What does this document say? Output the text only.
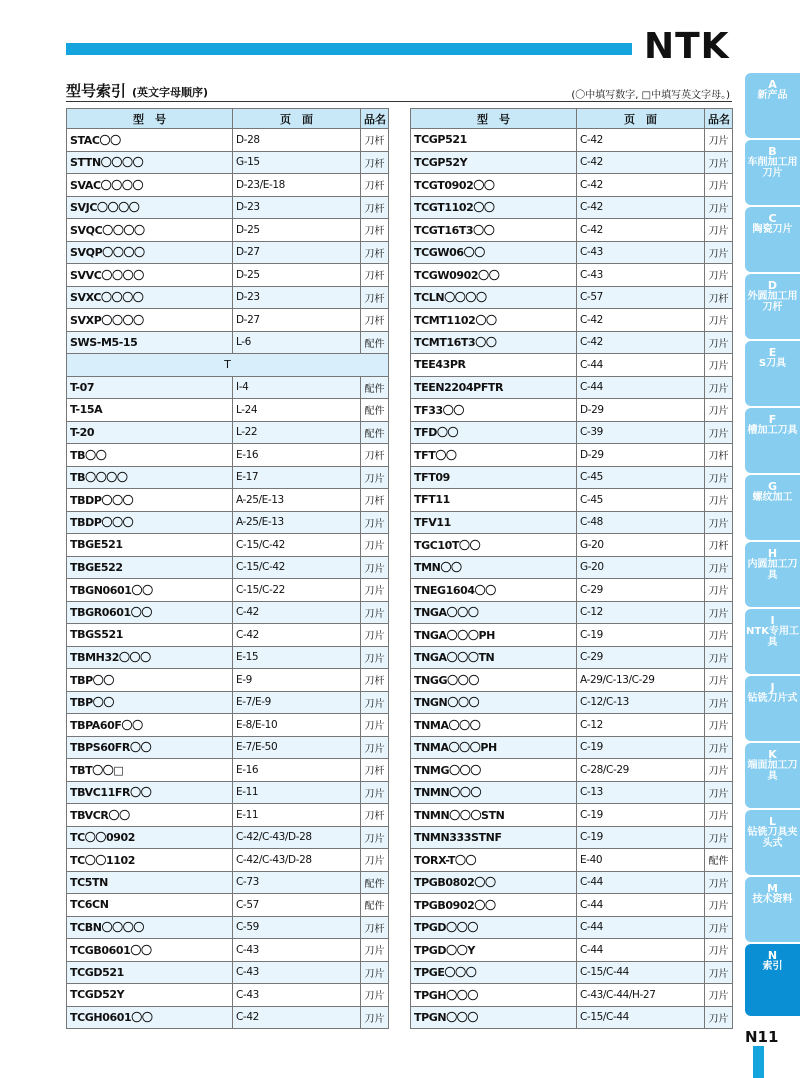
NTK
型号索引 (英文字母顺序)	(〇中填写数字, □中填写英文字母。)
型　号	页　面	品名
STAC〇〇	D-28	刀杆
STTN〇〇〇〇	G-15	刀杆
SVAC〇〇〇〇	D-23/E-18	刀杆
SVJC〇〇〇〇	D-23	刀杆
SVQC〇〇〇〇	D-25	刀杆
SVQP〇〇〇〇	D-27	刀杆
SVVC〇〇〇〇	D-25	刀杆
SVXC〇〇〇〇	D-23	刀杆
SVXP〇〇〇〇	D-27	刀杆
SWS-M5-15	L-6	配件
T		
T-07	I-4	配件
T-15A	L-24	配件
T-20	L-22	配件
TB〇〇	E-16	刀杆
TB〇〇〇〇	E-17	刀片
TBDP〇〇〇	A-25/E-13	刀杆
TBDP〇〇〇	A-25/E-13	刀片
TBGE521	C-15/C-42	刀片
TBGE522	C-15/C-42	刀片
TBGN0601〇〇	C-15/C-22	刀片
TBGR0601〇〇	C-42	刀片
TBGS521	C-42	刀片
TBMH32〇〇〇	E-15	刀片
TBP〇〇	E-9	刀杆
TBP〇〇	E-7/E-9	刀片
TBPA60F〇〇	E-8/E-10	刀片
TBPS60FR〇〇	E-7/E-50	刀片
TBT〇〇□	E-16	刀杆
TBVC11FR〇〇	E-11	刀片
TBVCR〇〇	E-11	刀杆
TC〇〇0902	C-42/C-43/D-28	刀片
TC〇〇1102	C-42/C-43/D-28	刀片
TC5TN	C-73	配件
TC6CN	C-57	配件
TCBN〇〇〇〇	C-59	刀杆
TCGB0601〇〇	C-43	刀片
TCGD521	C-43	刀片
TCGD52Y	C-43	刀片
TCGH0601〇〇	C-42	刀片
型　号	页　面	品名
TCGP521	C-42	刀片
TCGP52Y	C-42	刀片
TCGT0902〇〇	C-42	刀片
TCGT1102〇〇	C-42	刀片
TCGT16T3〇〇	C-42	刀片
TCGW06〇〇	C-43	刀片
TCGW0902〇〇	C-43	刀片
TCLN〇〇〇〇	C-57	刀杆
TCMT1102〇〇	C-42	刀片
TCMT16T3〇〇	C-42	刀片
TEE43PR	C-44	刀片
TEEN2204PFTR	C-44	刀片
TF33〇〇	D-29	刀片
TFD〇〇	C-39	刀片
TFT〇〇	D-29	刀杆
TFT09	C-45	刀片
TFT11	C-45	刀片
TFV11	C-48	刀片
TGC10T〇〇	G-20	刀杆
TMN〇〇	G-20	刀片
TNEG1604〇〇	C-29	刀片
TNGA〇〇〇	C-12	刀片
TNGA〇〇〇PH	C-19	刀片
TNGA〇〇〇TN	C-29	刀片
TNGG〇〇〇	A-29/C-13/C-29	刀片
TNGN〇〇〇	C-12/C-13	刀片
TNMA〇〇〇	C-12	刀片
TNMA〇〇〇PH	C-19	刀片
TNMG〇〇〇	C-28/C-29	刀片
TNMN〇〇〇	C-13	刀片
TNMN〇〇〇STN	C-19	刀片
TNMN333STNF	C-19	刀片
TORX-T〇〇	E-40	配件
TPGB0802〇〇	C-44	刀片
TPGB0902〇〇	C-44	刀片
TPGD〇〇〇	C-44	刀片
TPGD〇〇Y	C-44	刀片
TPGE〇〇〇	C-15/C-44	刀片
TPGH〇〇〇	C-43/C-44/H-27	刀片
TPGN〇〇〇	C-15/C-44	刀片
A
新产品
B
车削加工用刀片
C
陶瓷刀片
D
外圆加工用刀杆
E
S刀具
F
槽加工刀具
G
螺纹加工
H
内圆加工刀具
I
NTK专用工具
J
钻铣刀片式
K
端面加工刀具
L
钻铣刀具夹头式
M
技术资料
N
索引
N11
